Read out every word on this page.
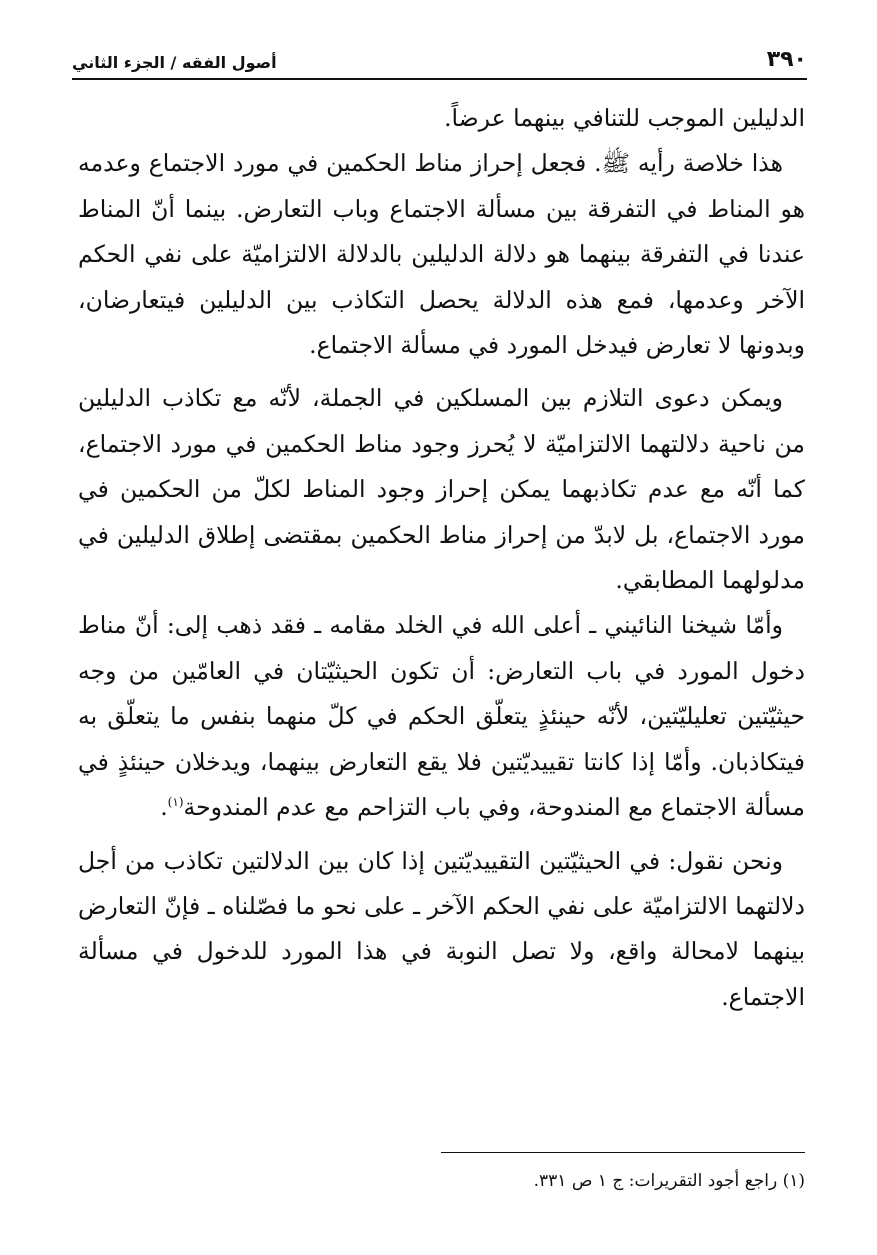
٣٩٠
أصول الفقه / الجزء الثاني

الدليلين الموجب للتنافي بينهما عرضاً.

هذا خلاصة رأيه ﷺ. فجعل إحراز مناط الحكمين في مورد الاجتماع وعدمه هو المناط في التفرقة بين مسألة الاجتماع وباب التعارض. بينما أنّ المناط عندنا في التفرقة بينهما هو دلالة الدليلين بالدلالة الالتزاميّة على نفي الحكم الآخر وعدمها، فمع هذه الدلالة يحصل التكاذب بين الدليلين فيتعارضان، وبدونها لا تعارض فيدخل المورد في مسألة الاجتماع.

ويمكن دعوى التلازم بين المسلكين في الجملة، لأنّه مع تكاذب الدليلين من ناحية دلالتهما الالتزاميّة لا يُحرز وجود مناط الحكمين في مورد الاجتماع، كما أنّه مع عدم تكاذبهما يمكن إحراز وجود المناط لكلّ من الحكمين في مورد الاجتماع، بل لابدّ من إحراز مناط الحكمين بمقتضى إطلاق الدليلين في مدلولهما المطابقي.

وأمّا شيخنا النائيني ـ أعلى الله في الخلد مقامه ـ فقد ذهب إلى: أنّ مناط دخول المورد في باب التعارض: أن تكون الحيثيّتان في العامّين من وجه حيثيّتين تعليليّتين، لأنّه حينئذٍ يتعلّق الحكم في كلّ منهما بنفس ما يتعلّق به فيتكاذبان. وأمّا إذا كانتا تقييديّتين فلا يقع التعارض بينهما، ويدخلان حينئذٍ في مسألة الاجتماع مع المندوحة، وفي باب التزاحم مع عدم المندوحة$^{(١)}$.

ونحن نقول: في الحيثيّتين التقييديّتين إذا كان بين الدلالتين تكاذب من أجل دلالتهما الالتزاميّة على نفي الحكم الآخر ـ على نحو ما فصّلناه ـ فإنّ التعارض بينهما لامحالة واقع، ولا تصل النوبة في هذا المورد للدخول في مسألة الاجتماع.

(١) راجع أجود التقريرات: ج ١ ص ٣٣١.
